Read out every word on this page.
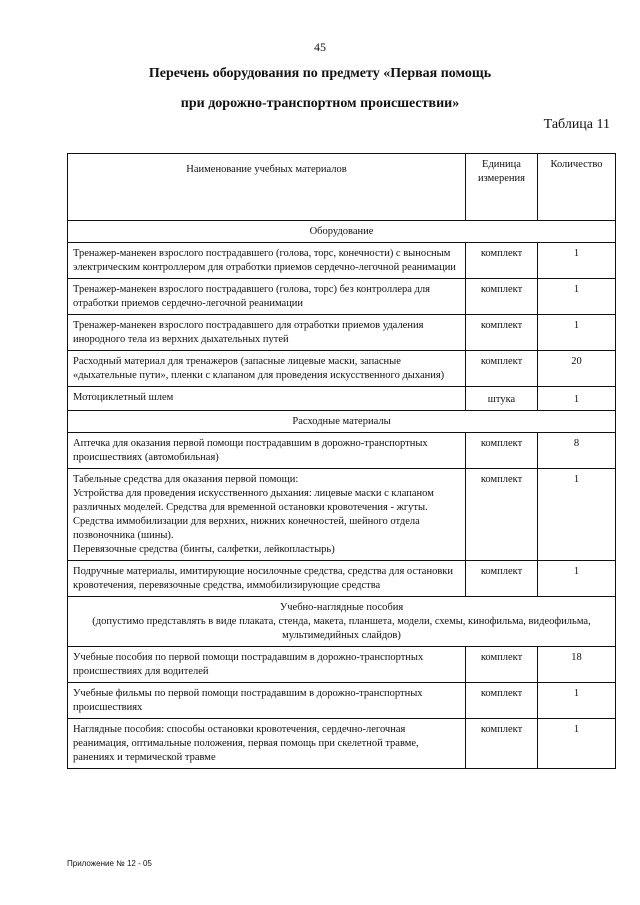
45
Перечень оборудования по предмету «Первая помощь
при дорожно-транспортном происшествии»
Таблица 11
Наименование учебных материалов	Единица измерения	Количество
Оборудование		
Тренажер-манекен взрослого пострадавшего (голова, торс, конечности) с выносным электрическим контроллером для отработки приемов сердечно-легочной реанимации	комплект	1
Тренажер-манекен взрослого пострадавшего (голова, торс) без контроллера для отработки приемов сердечно-легочной реанимации	комплект	1
Тренажер-манекен взрослого пострадавшего для отработки приемов удаления инородного тела из верхних дыхательных путей	комплект	1
Расходный материал для тренажеров (запасные лицевые маски, запасные «дыхательные пути», пленки с клапаном для проведения искусственного дыхания)	комплект	20
Мотоциклетный шлем	штука	1
Расходные материалы		
Аптечка для оказания первой помощи пострадавшим в дорожно-транспортных происшествиях (автомобильная)	комплект	8

Табельные средства для оказания первой помощи:
Устройства для проведения искусственного дыхания: лицевые маски с клапаном различных моделей. Средства для временной остановки кровотечения - жгуты.
Средства иммобилизации для верхних, нижних конечностей, шейного отдела позвоночника (шины).
Перевязочные средства (бинты, салфетки, лейкопластырь)	комплект	1
Подручные материалы, имитирующие носилочные средства, средства для остановки кровотечения, перевязочные средства, иммобилизирующие средства	комплект	1

Учебно-наглядные пособия
(допустимо представлять в виде плаката, стенда, макета, планшета, модели, схемы, кинофильма, видеофильма, мультимедийных слайдов)		

Учебные пособия по первой помощи пострадавшим в дорожно-транспортных происшествиях для водителей	комплект	18
Учебные фильмы по первой помощи пострадавшим в дорожно-транспортных происшествиях	комплект	1
Наглядные пособия: способы остановки кровотечения, сердечно-легочная реанимация, оптимальные положения, первая помощь при скелетной травме, ранениях и термической травме	комплект	1
Приложение № 12 - 05
